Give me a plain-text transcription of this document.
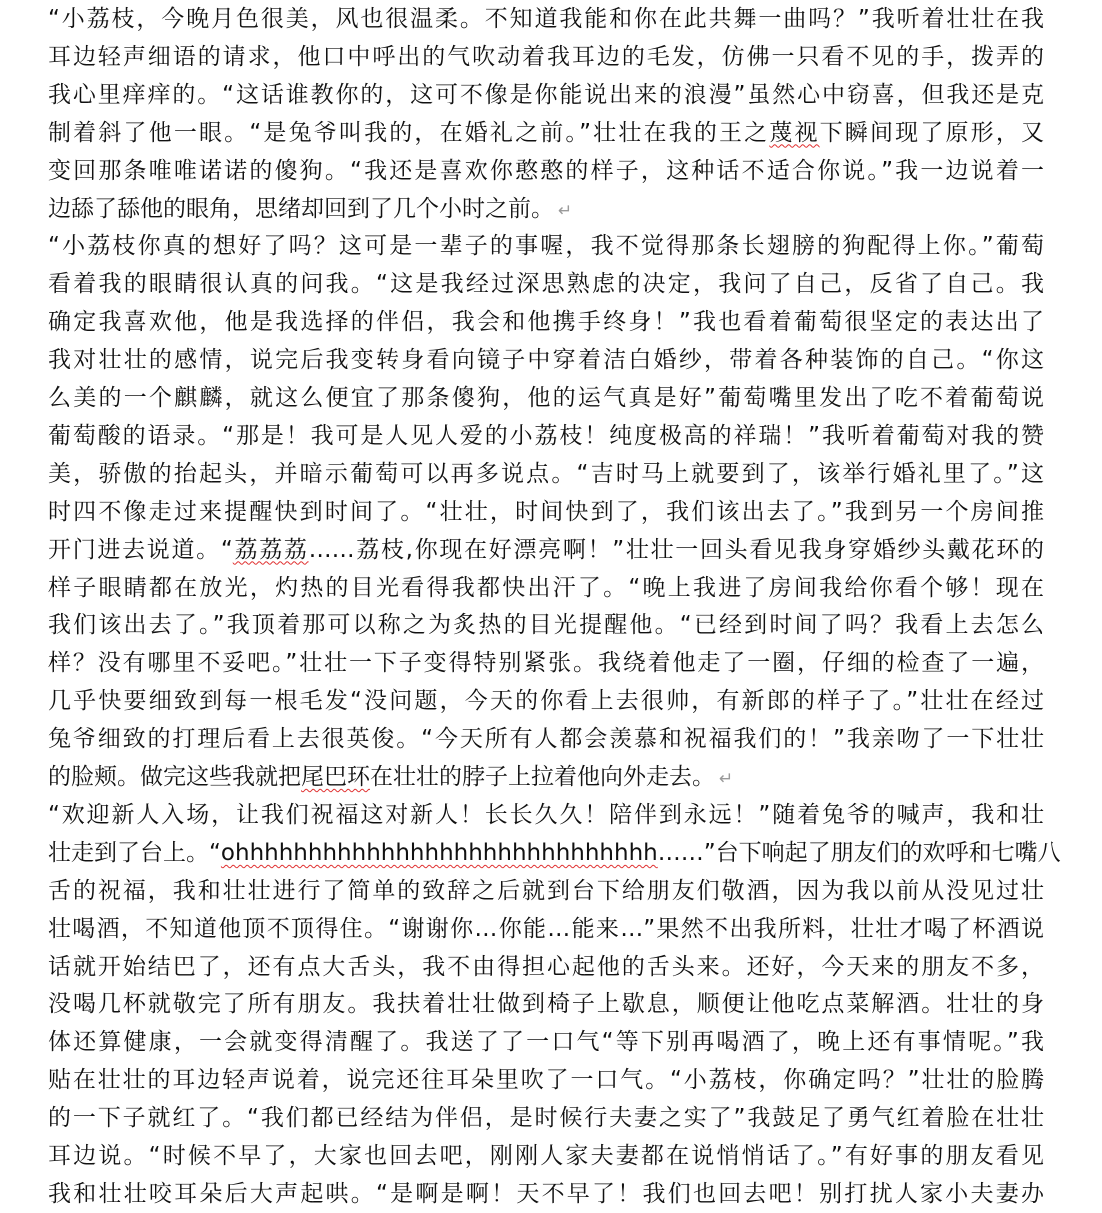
“小荔枝，今晚月色很美，风也很温柔。不知道我能和你在此共舞一曲吗？”我听着壮壮在我
耳边轻声细语的请求，他口中呼出的气吹动着我耳边的毛发，仿佛一只看不见的手，拨弄的
我心里痒痒的。“这话谁教你的，这可不像是你能说出来的浪漫”虽然心中窃喜，但我还是克
制着斜了他一眼。“是兔爷叫我的，在婚礼之前。”壮壮在我的王之蔑视下瞬间现了原形，又
变回那条唯唯诺诺的傻狗。“我还是喜欢你憨憨的样子，这种话不适合你说。”我一边说着一
边舔了舔他的眼角，思绪却回到了几个小时之前。 ↵
“小荔枝你真的想好了吗？这可是一辈子的事喔，我不觉得那条长翅膀的狗配得上你。”葡萄
看着我的眼睛很认真的问我。“这是我经过深思熟虑的决定，我问了自己，反省了自己。我
确定我喜欢他，他是我选择的伴侣，我会和他携手终身！”我也看着葡萄很坚定的表达出了
我对壮壮的感情，说完后我变转身看向镜子中穿着洁白婚纱，带着各种装饰的自己。“你这
么美的一个麒麟，就这么便宜了那条傻狗，他的运气真是好”葡萄嘴里发出了吃不着葡萄说
葡萄酸的语录。“那是！我可是人见人爱的小荔枝！纯度极高的祥瑞！”我听着葡萄对我的赞
美，骄傲的抬起头，并暗示葡萄可以再多说点。“吉时马上就要到了，该举行婚礼里了。”这
时四不像走过来提醒快到时间了。“壮壮，时间快到了，我们该出去了。”我到另一个房间推
开门进去说道。“荔荔荔……荔枝,你现在好漂亮啊！”壮壮一回头看见我身穿婚纱头戴花环的
样子眼睛都在放光，灼热的目光看得我都快出汗了。“晚上我进了房间我给你看个够！现在
我们该出去了。”我顶着那可以称之为炙热的目光提醒他。“已经到时间了吗？我看上去怎么
样？没有哪里不妥吧。”壮壮一下子变得特别紧张。我绕着他走了一圈，仔细的检查了一遍，
几乎快要细致到每一根毛发“没问题，今天的你看上去很帅，有新郎的样子了。”壮壮在经过
兔爷细致的打理后看上去很英俊。“今天所有人都会羡慕和祝福我们的！”我亲吻了一下壮壮
的脸颊。做完这些我就把尾巴环在壮壮的脖子上拉着他向外走去。 ↵
“欢迎新人入场，让我们祝福这对新人！长长久久！陪伴到永远！”随着兔爷的喊声，我和壮
壮走到了台上。“ohhhhhhhhhhhhhhhhhhhhhhhhhhhhh……”台下响起了朋友们的欢呼和七嘴八
舌的祝福，我和壮壮进行了简单的致辞之后就到台下给朋友们敬酒，因为我以前从没见过壮
壮喝酒，不知道他顶不顶得住。“谢谢你…你能…能来…”果然不出我所料，壮壮才喝了杯酒说
话就开始结巴了，还有点大舌头，我不由得担心起他的舌头来。还好，今天来的朋友不多，
没喝几杯就敬完了所有朋友。我扶着壮壮做到椅子上歇息，顺便让他吃点菜解酒。壮壮的身
体还算健康，一会就变得清醒了。我送了了一口气“等下别再喝酒了，晚上还有事情呢。”我
贴在壮壮的耳边轻声说着，说完还往耳朵里吹了一口气。“小荔枝，你确定吗？”壮壮的脸腾
的一下子就红了。“我们都已经结为伴侣，是时候行夫妻之实了”我鼓足了勇气红着脸在壮壮
耳边说。“时候不早了，大家也回去吧，刚刚人家夫妻都在说悄悄话了。”有好事的朋友看见
我和壮壮咬耳朵后大声起哄。“是啊是啊！天不早了！我们也回去吧！别打扰人家小夫妻办
